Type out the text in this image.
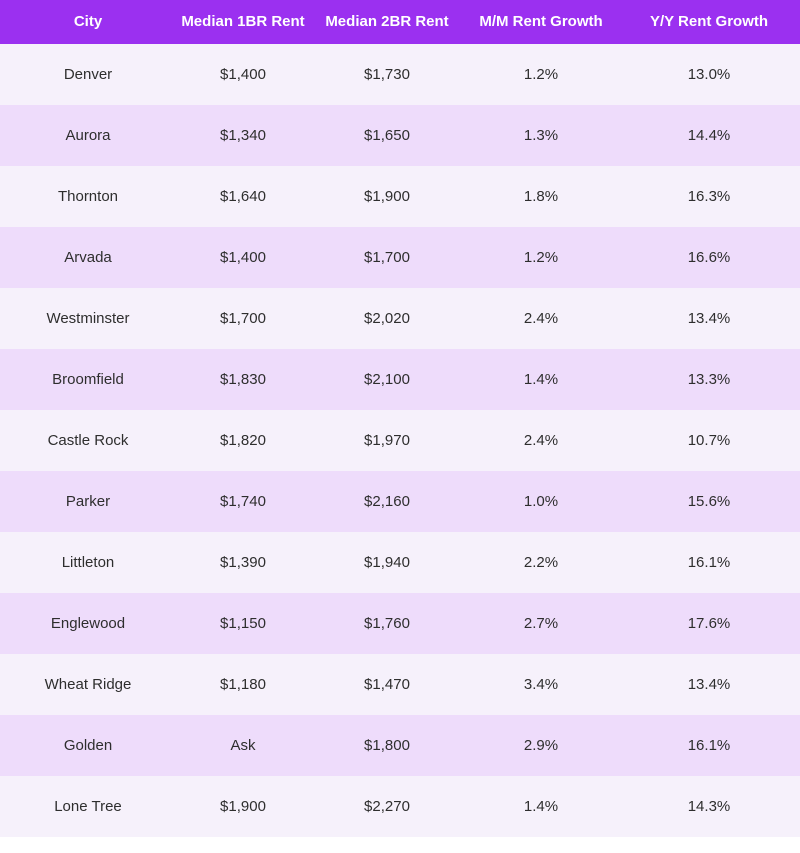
City	Median 1BR Rent	Median 2BR Rent	M/M Rent Growth	Y/Y Rent Growth
Denver	$1,400	$1,730	1.2%	13.0%
Aurora	$1,340	$1,650	1.3%	14.4%
Thornton	$1,640	$1,900	1.8%	16.3%
Arvada	$1,400	$1,700	1.2%	16.6%
Westminster	$1,700	$2,020	2.4%	13.4%
Broomfield	$1,830	$2,100	1.4%	13.3%
Castle Rock	$1,820	$1,970	2.4%	10.7%
Parker	$1,740	$2,160	1.0%	15.6%
Littleton	$1,390	$1,940	2.2%	16.1%
Englewood	$1,150	$1,760	2.7%	17.6%
Wheat Ridge	$1,180	$1,470	3.4%	13.4%
Golden	Ask	$1,800	2.9%	16.1%
Lone Tree	$1,900	$2,270	1.4%	14.3%
